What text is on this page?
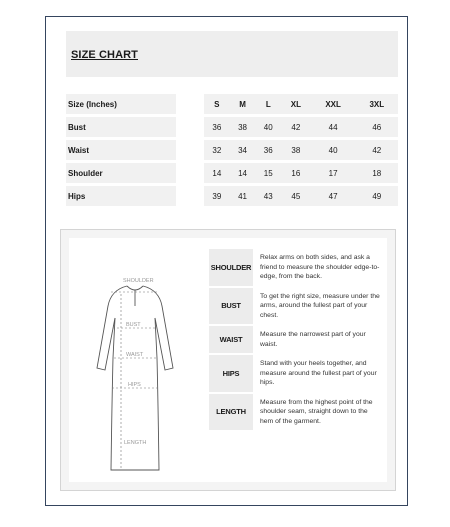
SIZE CHART
Size (Inches)		S	M	L	XL	XXL	3XL
Bust		36	38	40	42	44	46
Waist		32	34	36	38	40	42
Shoulder		14	14	15	16	17	18
Hips		39	41	43	45	47	49
SHOULDER
BUST
WAIST
HIPS
LENGTH
SHOULDER
Relax arms on both sides, and ask a friend to measure the shoulder edge-to-edge, from the back.
BUST
To get the right size, measure under the arms, around the fullest part of your chest.
WAIST
Measure the narrowest part of your waist.
HIPS
Stand with your heels together, and measure around the fullest part of your hips.
LENGTH
Measure from the highest point of the shoulder seam, straight down to the hem of the garment.
